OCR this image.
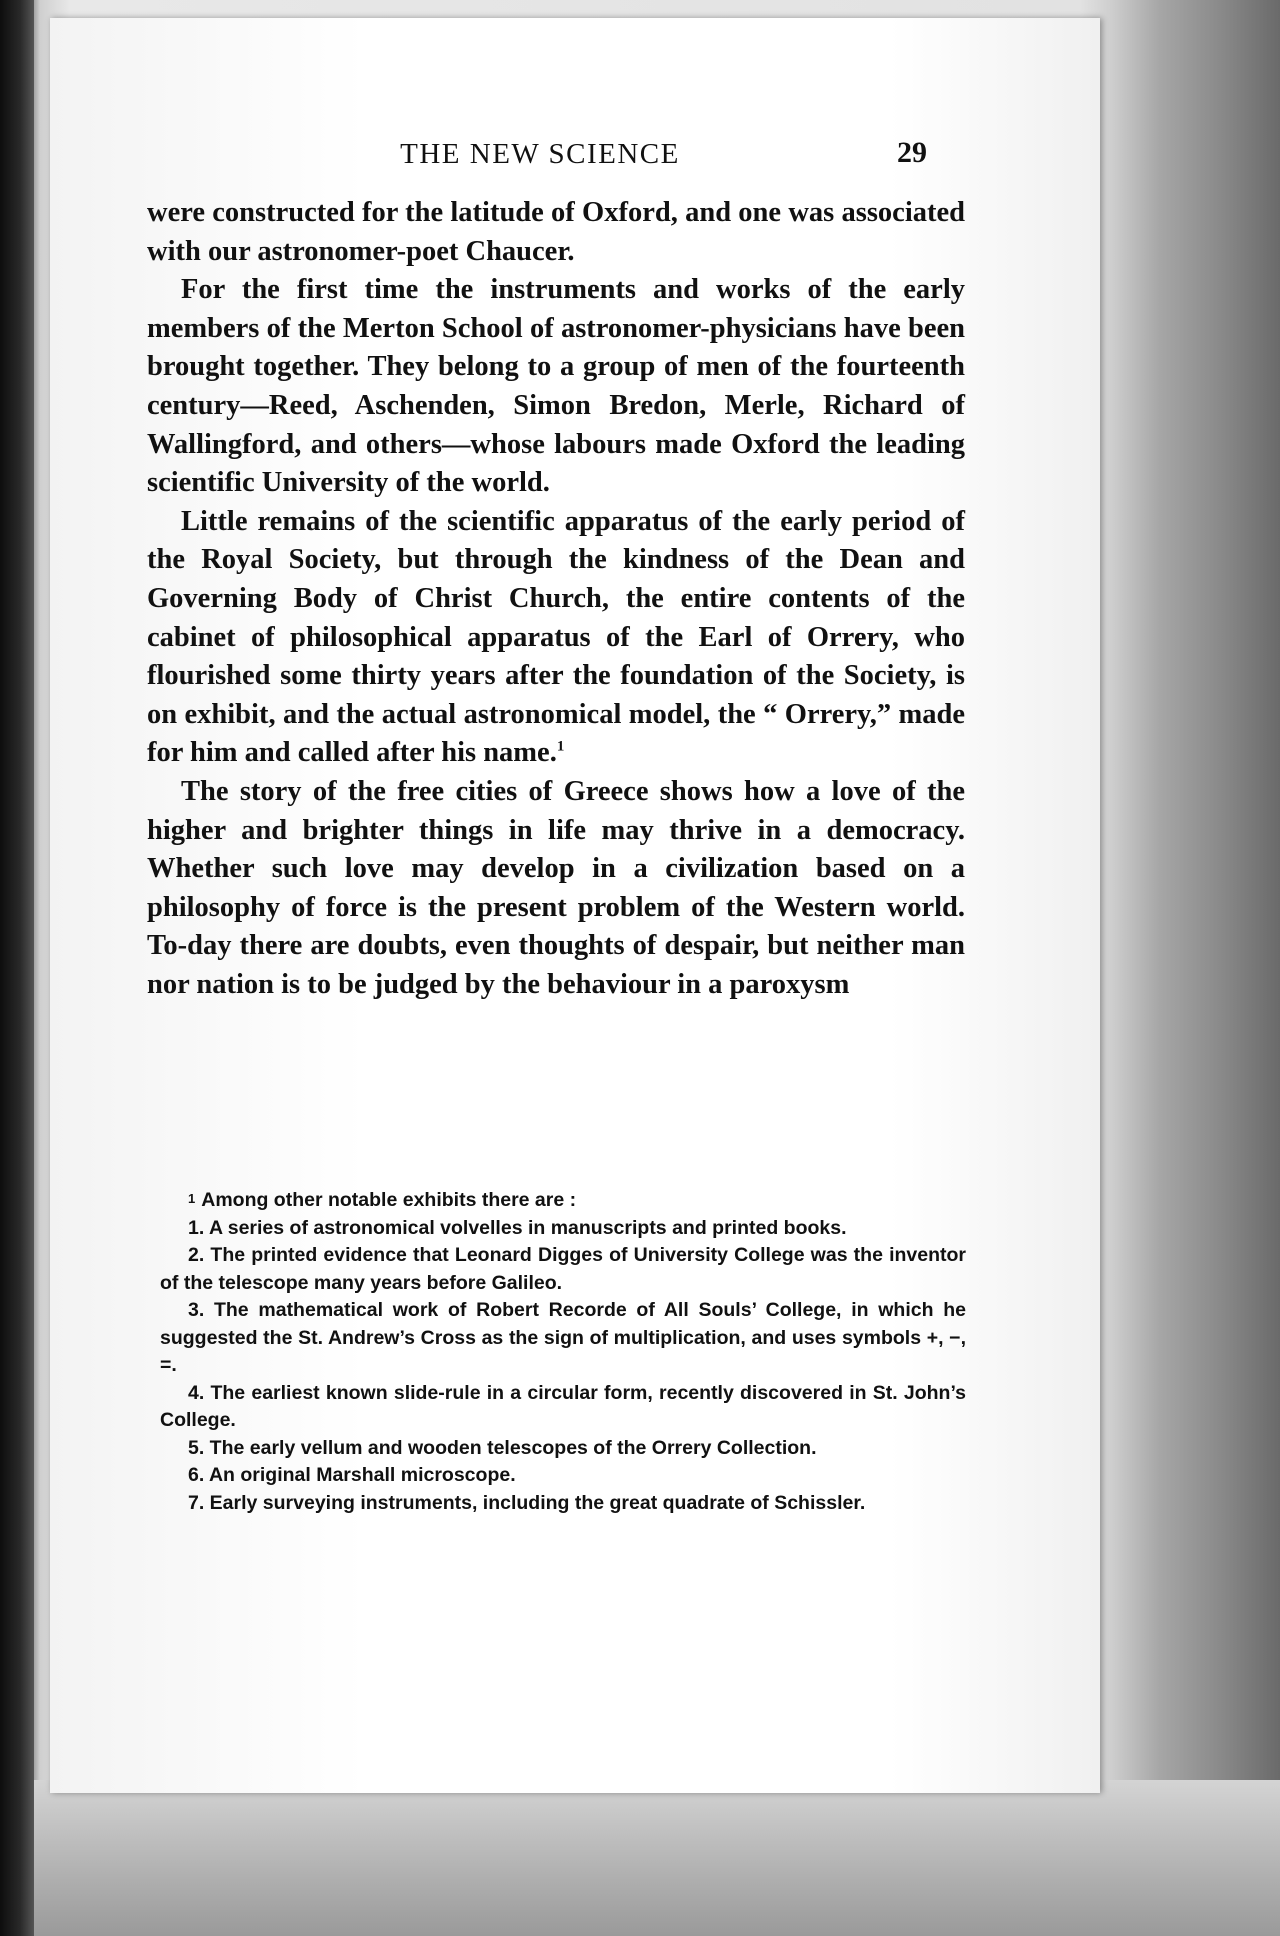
THE NEW SCIENCE	29

were constructed for the latitude of Oxford, and one was associated with our astronomer-poet Chaucer.

For the first time the instruments and works of the early members of the Merton School of astronomer-physicians have been brought together. They belong to a group of men of the fourteenth century—Reed, Aschenden, Simon Bredon, Merle, Richard of Wallingford, and others—whose labours made Oxford the leading scientific University of the world.

Little remains of the scientific apparatus of the early period of the Royal Society, but through the kindness of the Dean and Governing Body of Christ Church, the entire contents of the cabinet of philosophical apparatus of the Earl of Orrery, who flourished some thirty years after the foundation of the Society, is on exhibit, and the actual astronomical model, the “ Orrery,” made for him and called after his name.$^1$

The story of the free cities of Greece shows how a love of the higher and brighter things in life may thrive in a democracy. Whether such love may develop in a civilization based on a philosophy of force is the present problem of the Western world. To-day there are doubts, even thoughts of despair, but neither man nor nation is to be judged by the behaviour in a paroxysm

1 Among other notable exhibits there are :

1. A series of astronomical volvelles in manuscripts and printed books.

2. The printed evidence that Leonard Digges of University College was the inventor of the telescope many years before Galileo.

3. The mathematical work of Robert Recorde of All Souls’ College, in which he suggested the St. Andrew’s Cross as the sign of multiplication, and uses symbols +, −, =.

4. The earliest known slide-rule in a circular form, recently discovered in St. John’s College.

5. The early vellum and wooden telescopes of the Orrery Collection.

6. An original Marshall microscope.

7. Early surveying instruments, including the great quadrate of Schissler.
